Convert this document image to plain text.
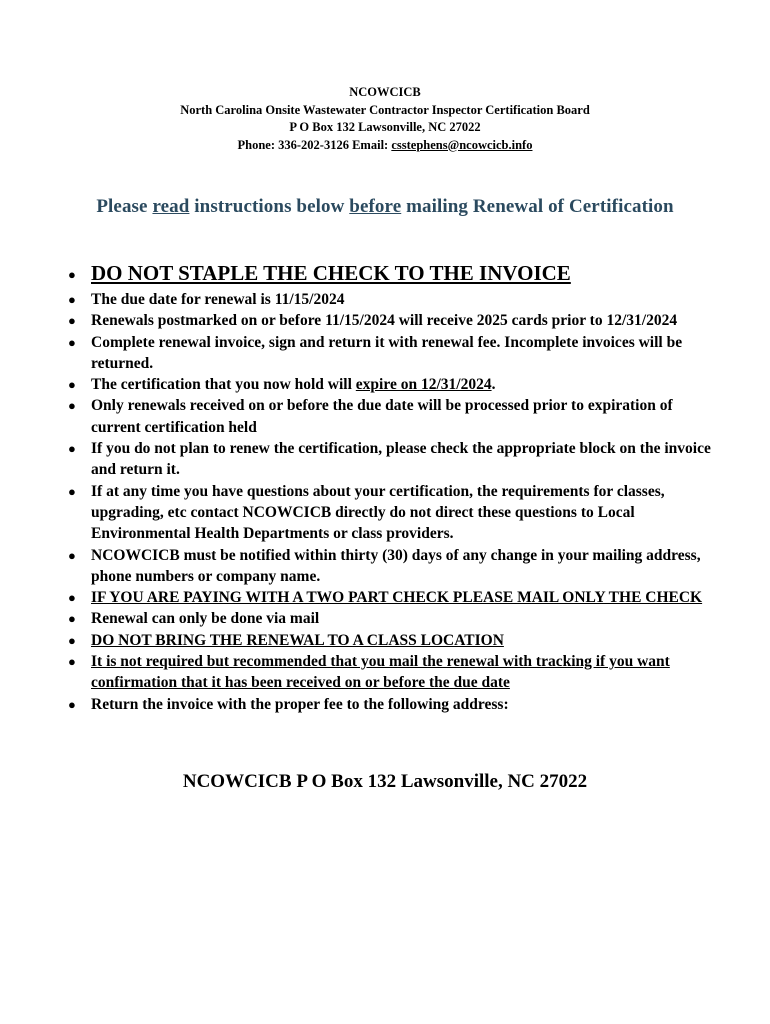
NCOWCICB
North Carolina Onsite Wastewater Contractor Inspector Certification Board
P O Box 132 Lawsonville, NC 27022
Phone: 336-202-3126 Email: csstephens@ncowcicb.info
Please read instructions below before mailing Renewal of Certification
● DO NOT STAPLE THE CHECK TO THE INVOICE
● The due date for renewal is 11/15/2024
● Renewals postmarked on or before 11/15/2024 will receive 2025 cards prior to 12/31/2024
● Complete renewal invoice, sign and return it with renewal fee. Incomplete invoices will be returned.
● The certification that you now hold will expire on 12/31/2024.
● Only renewals received on or before the due date will be processed prior to expiration of current certification held
● If you do not plan to renew the certification, please check the appropriate block on the invoice and return it.
● If at any time you have questions about your certification, the requirements for classes, upgrading, etc contact NCOWCICB directly do not direct these questions to Local Environmental Health Departments or class providers.
● NCOWCICB must be notified within thirty (30) days of any change in your mailing address, phone numbers or company name.
● IF YOU ARE PAYING WITH A TWO PART CHECK PLEASE MAIL ONLY THE CHECK
● Renewal can only be done via mail
● DO NOT BRING THE RENEWAL TO A CLASS LOCATION
● It is not required but recommended that you mail the renewal with tracking if you want confirmation that it has been received on or before the due date
● Return the invoice with the proper fee to the following address:
NCOWCICB P O Box 132 Lawsonville, NC 27022
